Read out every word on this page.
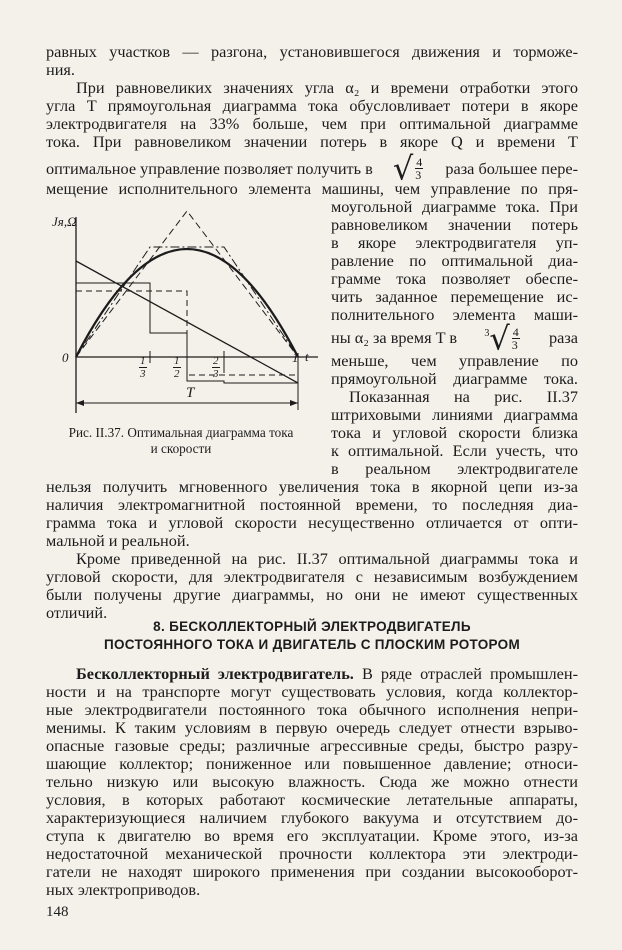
равных участков — разгона, установившегося движения и торможе-
ния.
При равновеликих значениях угла α₂ и времени отработки этого
угла T прямоугольная диаграмма тока обусловливает потери в якоре
электродвигателя на 33% больше, чем при оптимальной диаграмме
тока. При равновеликом значении потерь в якоре Q и времени T
оптимальное управление позволяет получить в √ $\frac{4}{3}$ раза большее пере-
мещение исполнительного элемента машины, чем управление по пря-
моугольной диаграмме тока. При
равновеликом значении потерь
в якоре электродвигателя уп-
равление по оптимальной диа-
грамме тока позволяет обеспе-
чить заданное перемещение ис-
полнительного элемента маши-
ны α₂ за время T в	$^3√ \frac{4}{3}$ раза
меньше, чем управление по
прямоугольной диаграмме тока.
Показанная на рис. II.37
штриховыми линиями диаграмма
тока и угловой скорости близка
к оптимальной. Если учесть, что
в реальном электродвигателе
Jя,Ω
0	t
1
T
$\frac{1}{3} \frac{1}{2}$	$\frac{2}{3}$
Рис. II.37. Оптимальная диаграмма тока
и скорости
нельзя получить мгновенного увеличения тока в якорной цепи из-за
наличия электромагнитной постоянной времени, то последняя диа-
грамма тока и угловой скорости несущественно отличается от опти-
мальной и реальной.
Кроме приведенной на рис. II.37 оптимальной диаграммы тока и
угловой скорости, для электродвигателя с независимым возбуждением
были получены другие диаграммы, но они не имеют существенных
отличий.
8. БЕСКОЛЛЕКТОРНЫЙ ЭЛЕКТРОДВИГАТЕЛЬ
ПОСТОЯННОГО ТОКА И ДВИГАТЕЛЬ С ПЛОСКИМ РОТОРОМ
Бесколлекторный электродвигатель. В ряде отраслей промышлен-
ности и на транспорте могут существовать условия, когда коллектор-
ные электродвигатели постоянного тока обычного исполнения непри-
менимы. К таким условиям в первую очередь следует отнести взрыво-
опасные газовые среды; различные агрессивные среды, быстро разру-
шающие коллектор; пониженное или повышенное давление; относи-
тельно низкую или высокую влажность. Сюда же можно отнести
условия, в которых работают космические летательные аппараты,
характеризующиеся наличием глубокого вакуума и отсутствием до-
ступа к двигателю во время его эксплуатации. Кроме этого, из-за
недостаточной механической прочности коллектора эти электроди-
гатели не находят широкого применения при создании высокооборот-
ных электроприводов.
148
